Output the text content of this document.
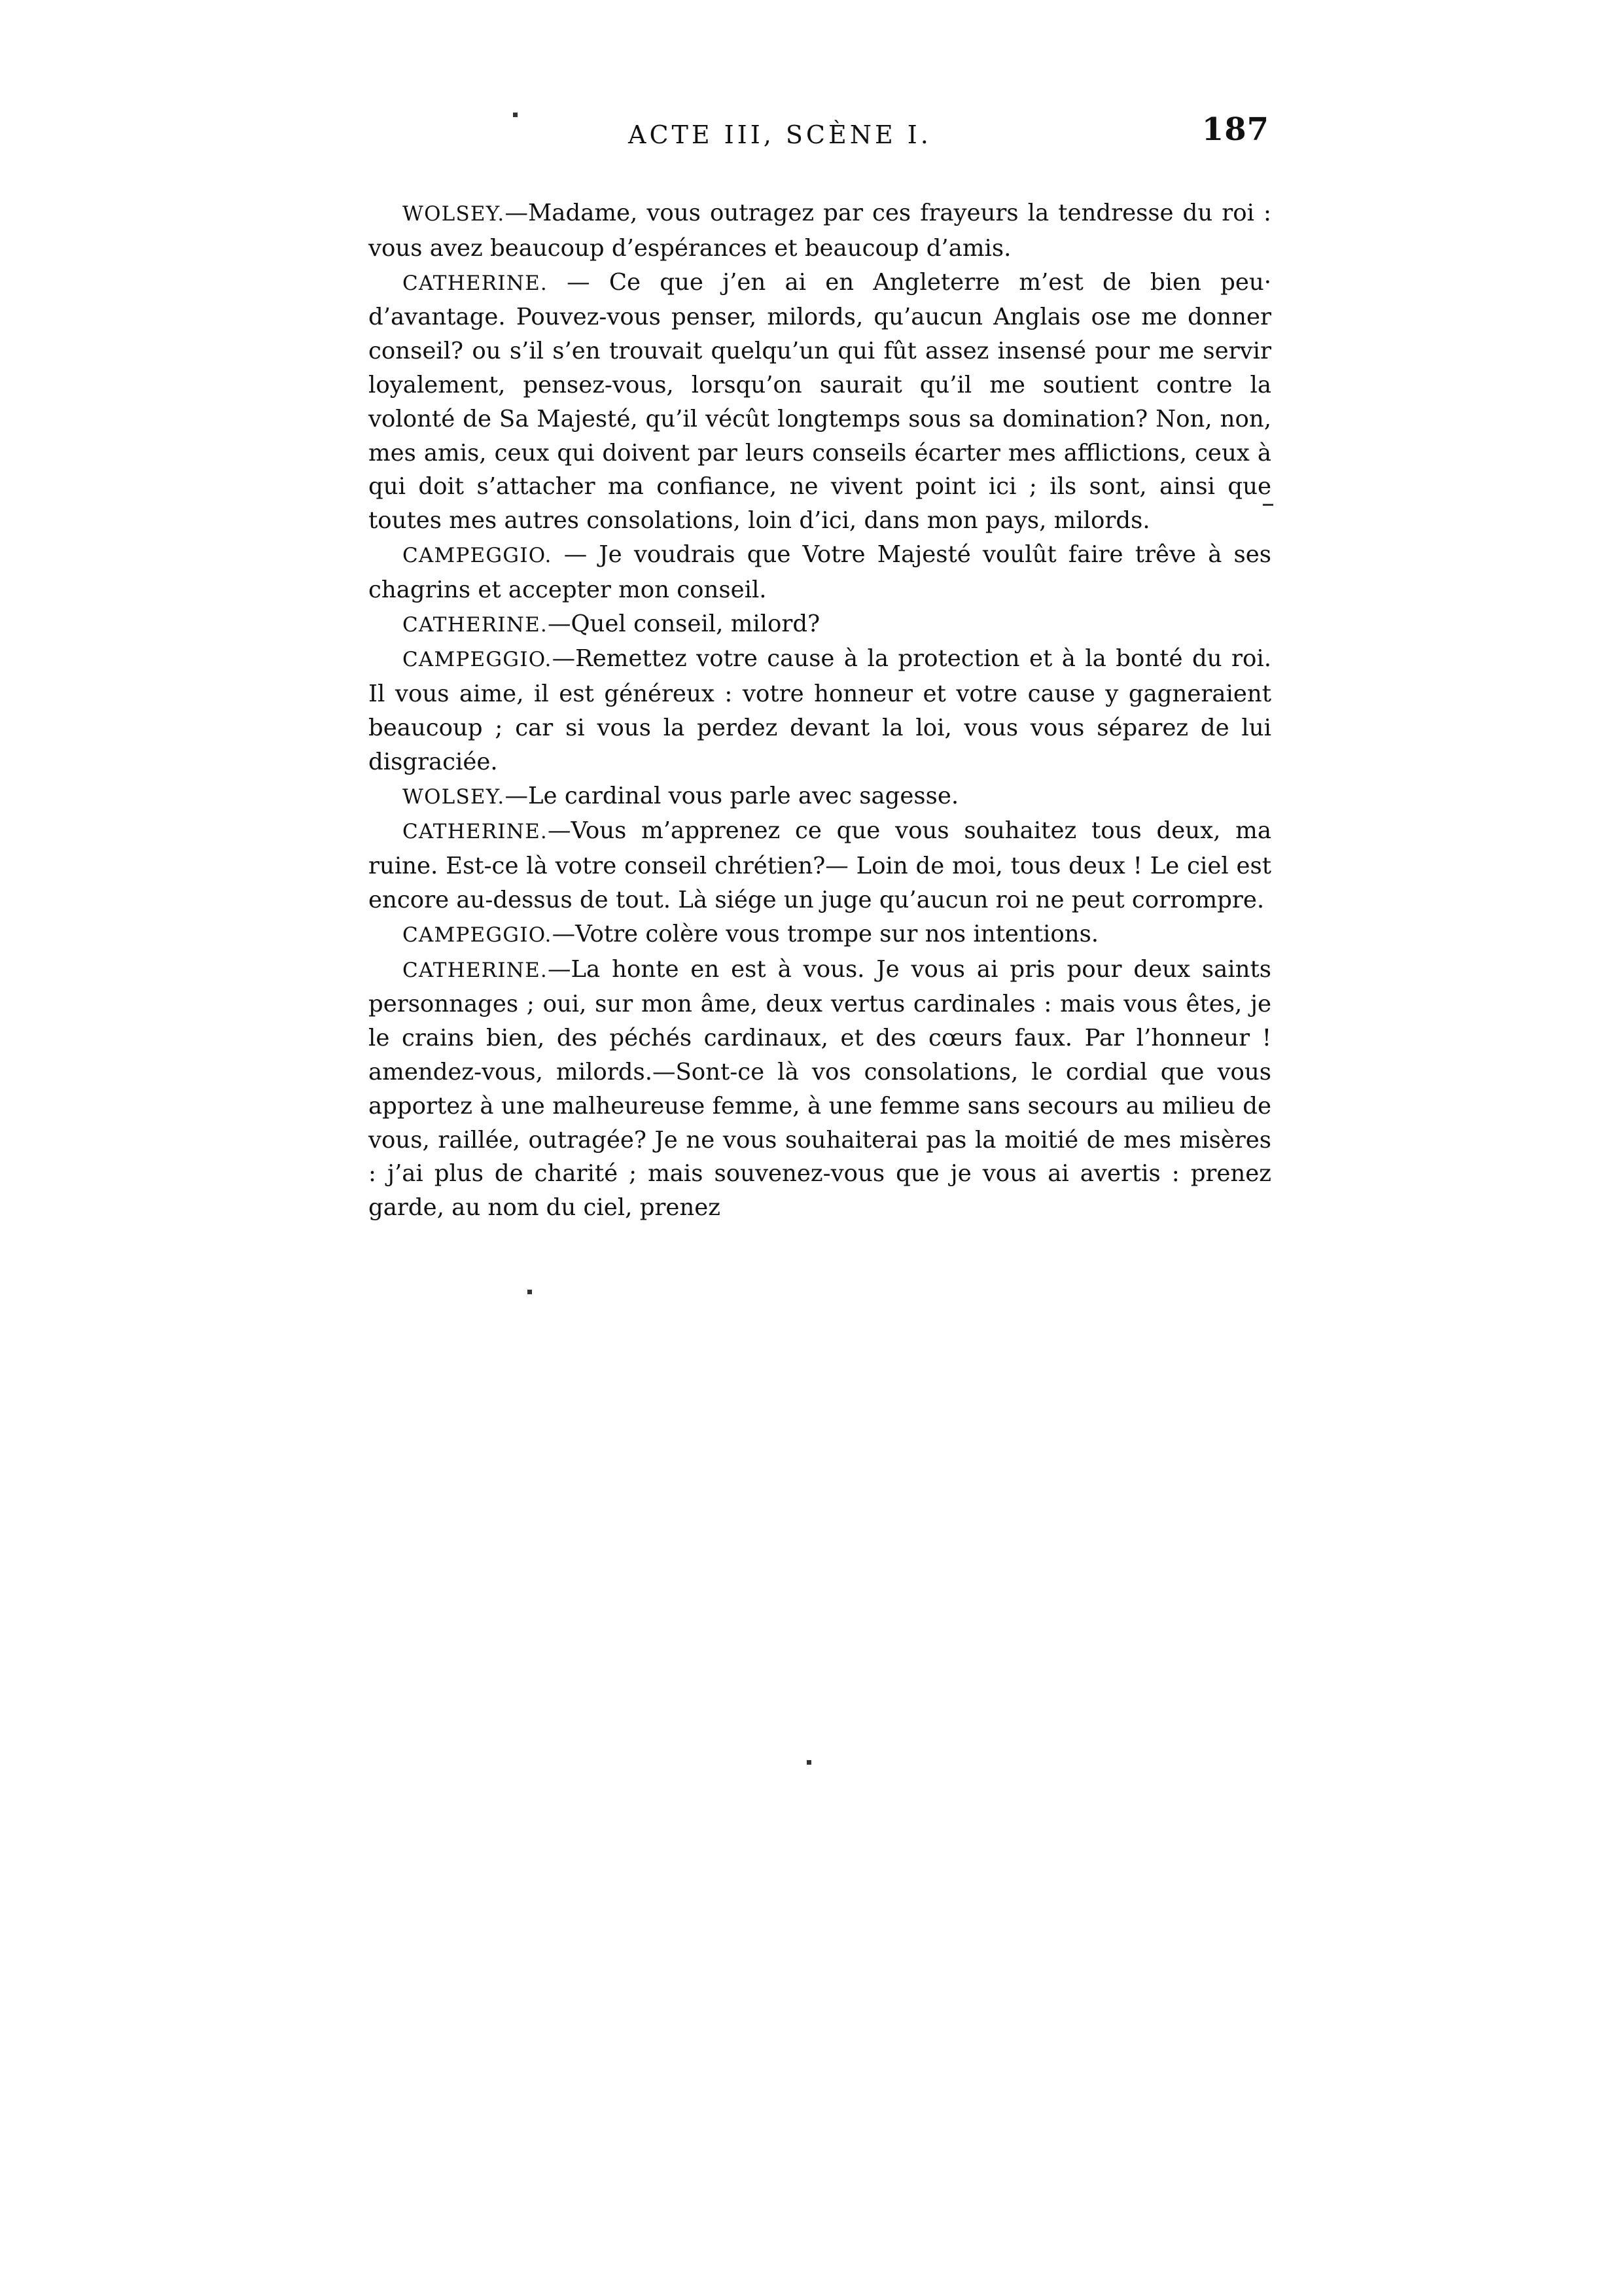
ACTE III, SCÈNE I.	187

WOLSEY.—Madame, vous outragez par ces frayeurs la tendresse du roi : vous avez beaucoup d’espérances et beaucoup d’amis.

CATHERINE. — Ce que j’en ai en Angleterre m’est de bien peu· d’avantage. Pouvez-vous penser, milords, qu’aucun Anglais ose me donner conseil? ou s’il s’en trouvait quelqu’un qui fût assez insensé pour me servir loyalement, pensez-vous, lorsqu’on saurait qu’il me soutient contre la volonté de Sa Majesté, qu’il vécût longtemps sous sa domination? Non, non, mes amis, ceux qui doivent par leurs conseils écarter mes afflictions, ceux à qui doit s’attacher ma confiance, ne vivent point ici ; ils sont, ainsi que toutes mes autres consolations, loin d’ici, dans mon pays, milords.

CAMPEGGIO. — Je voudrais que Votre Majesté voulût faire trêve à ses chagrins et accepter mon conseil.

CATHERINE.—Quel conseil, milord?

CAMPEGGIO.—Remettez votre cause à la protection et à la bonté du roi. Il vous aime, il est généreux : votre honneur et votre cause y gagneraient beaucoup ; car si vous la perdez devant la loi, vous vous séparez de lui disgraciée.

WOLSEY.—Le cardinal vous parle avec sagesse.

CATHERINE.—Vous m’apprenez ce que vous souhaitez tous deux, ma ruine. Est-ce là votre conseil chrétien?— Loin de moi, tous deux ! Le ciel est encore au-dessus de tout. Là siége un juge qu’aucun roi ne peut corrompre.

CAMPEGGIO.—Votre colère vous trompe sur nos intentions.

CATHERINE.—La honte en est à vous. Je vous ai pris pour deux saints personnages ; oui, sur mon âme, deux vertus cardinales : mais vous êtes, je le crains bien, des péchés cardinaux, et des cœurs faux. Par l’honneur ! amendez-vous, milords.—Sont-ce là vos consolations, le cordial que vous apportez à une malheureuse femme, à une femme sans secours au milieu de vous, raillée, outragée? Je ne vous souhaiterai pas la moitié de mes misères : j’ai plus de charité ; mais souvenez-vous que je vous ai avertis : prenez garde, au nom du ciel, prenez
